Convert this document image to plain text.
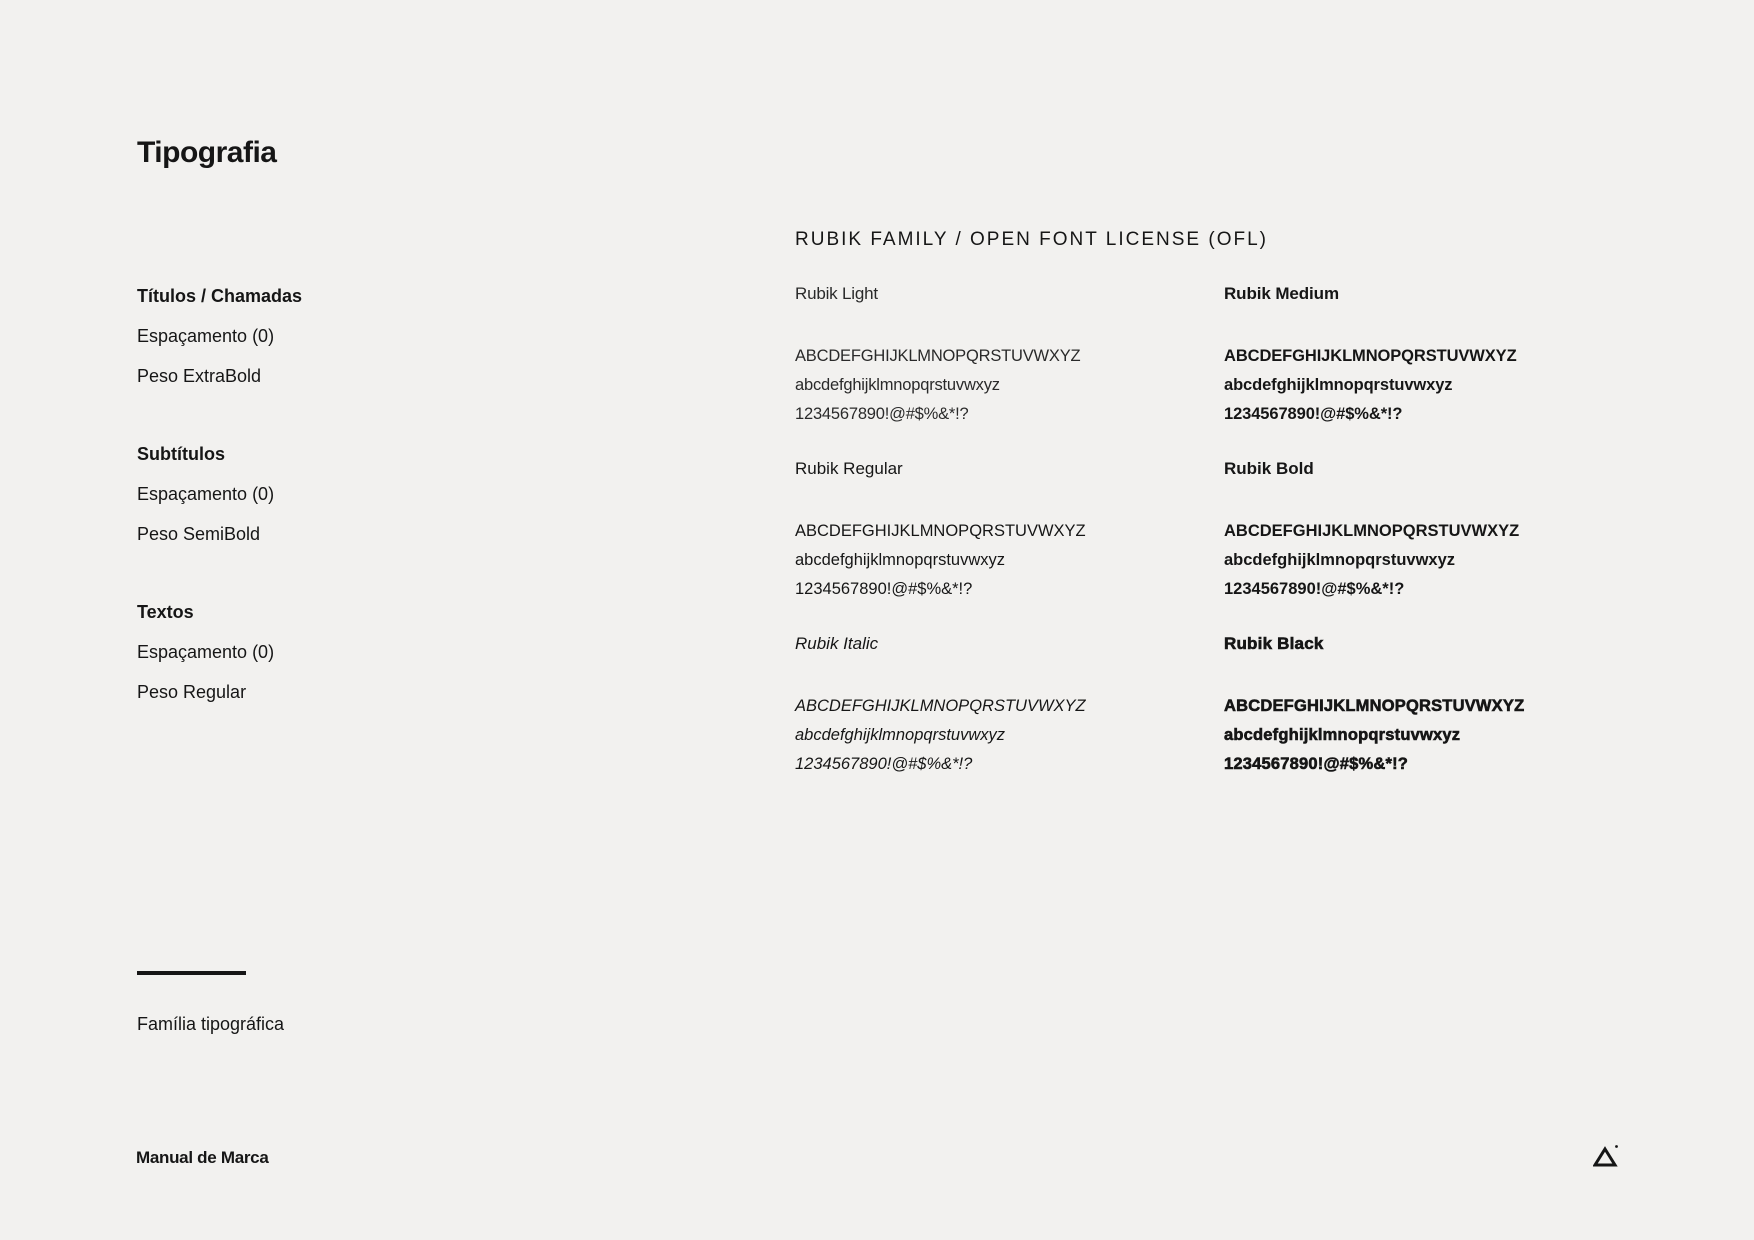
Tipografia

Títulos / Chamadas

Espaçamento (0)

Peso ExtraBold

Subtítulos

Espaçamento (0)

Peso SemiBold

Textos

Espaçamento (0)

Peso Regular

RUBIK FAMILY / OPEN FONT LICENSE (OFL)
Rubik Light
ABCDEFGHIJKLMNOPQRSTUVWXYZ
abcdefghijklmnopqrstuvwxyz
1234567890!@#$%&*!?
Rubik Regular
ABCDEFGHIJKLMNOPQRSTUVWXYZ
abcdefghijklmnopqrstuvwxyz
1234567890!@#$%&*!?
Rubik Italic
ABCDEFGHIJKLMNOPQRSTUVWXYZ
abcdefghijklmnopqrstuvwxyz
1234567890!@#$%&*!?
Rubik Medium
ABCDEFGHIJKLMNOPQRSTUVWXYZ
abcdefghijklmnopqrstuvwxyz
1234567890!@#$%&*!?
Rubik Bold
ABCDEFGHIJKLMNOPQRSTUVWXYZ
abcdefghijklmnopqrstuvwxyz
1234567890!@#$%&*!?
Rubik Black
ABCDEFGHIJKLMNOPQRSTUVWXYZ
abcdefghijklmnopqrstuvwxyz
1234567890!@#$%&*!?
Família tipográfica
Manual de Marca
